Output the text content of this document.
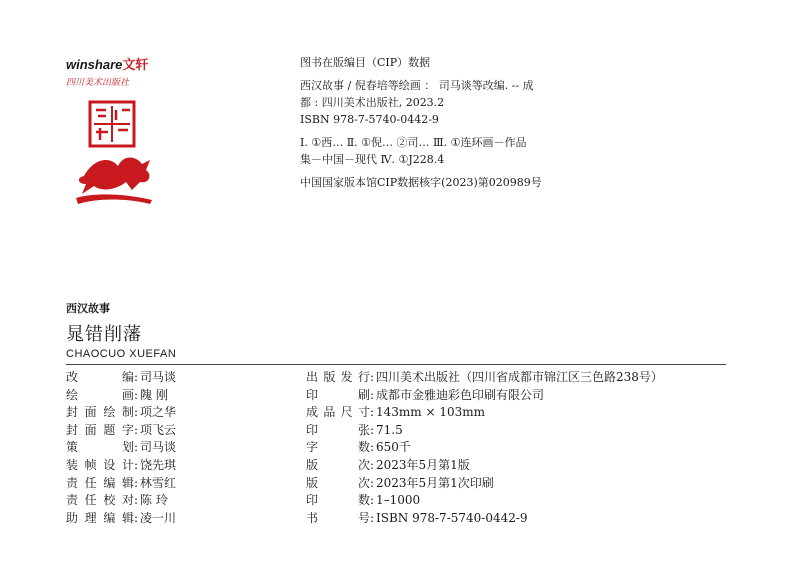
winshare文轩
四川美术出版社

图书在版编目（CIP）数据

西汉故事 / 倪春培等绘画 ： 司马谈等改编. -- 成

都 : 四川美术出版社, 2023.2

ISBN 978-7-5740-0442-9

Ⅰ. ①西… Ⅱ. ①倪… ②司… Ⅲ. ①连环画－作品

集－中国－现代 Ⅳ. ①J228.4

中国国家版本馆CIP数据核字(2023)第020989号

西汉故事
晁错削藩
CHAOCUO XUEFAN
改编 : 司马谈
绘画 : 隗 刚
封面绘制 : 项之华
封面题字 : 项飞云
策划 : 司马谈
装帧设计 : 饶先琪
责任编辑 : 林雪红
责任校对 : 陈 玲
助理编辑 : 凌一川
出版发行 : 四川美术出版社（四川省成都市锦江区三色路238号）
印刷 : 成都市金雅迪彩色印刷有限公司
成品尺寸 : 143mm × 103mm
印张 : 71.5
字数 : 650千
版次 : 2023年5月第1版
版次 : 2023年5月第1次印刷
印数 : 1–1000
书号 : ISBN 978-7-5740-0442-9
